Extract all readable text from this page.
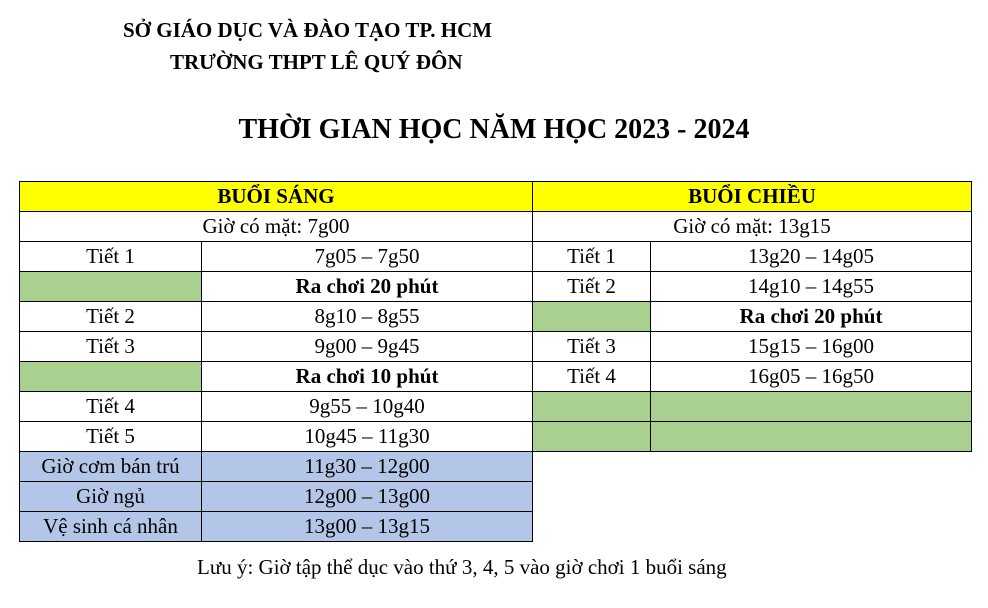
SỞ GIÁO DỤC VÀ ĐÀO TẠO TP. HCM
TRƯỜNG THPT LÊ QUÝ ĐÔN
THỜI GIAN HỌC NĂM HỌC 2023 - 2024
BUỔI SÁNG	
Giờ có mặt: 7g00	
Tiết 1	7g05 – 7g50
	Ra chơi 20 phút
Tiết 2	8g10 – 8g55
Tiết 3	9g00 – 9g45
	Ra chơi 10 phút
Tiết 4	9g55 – 10g40
Tiết 5	10g45 – 11g30
Giờ cơm bán trú	11g30 – 12g00
Giờ ngủ	12g00 – 13g00
Vệ sinh cá nhân	13g00 – 13g15
BUỔI CHIỀU	
Giờ có mặt: 13g15	
Tiết 1	13g20 – 14g05
Tiết 2	14g10 – 14g55
	Ra chơi 20 phút
Tiết 3	15g15 – 16g00
Tiết 4	16g05 – 16g50

Lưu ý: Giờ tập thể dục vào thứ 3, 4, 5 vào giờ chơi 1 buổi sáng
